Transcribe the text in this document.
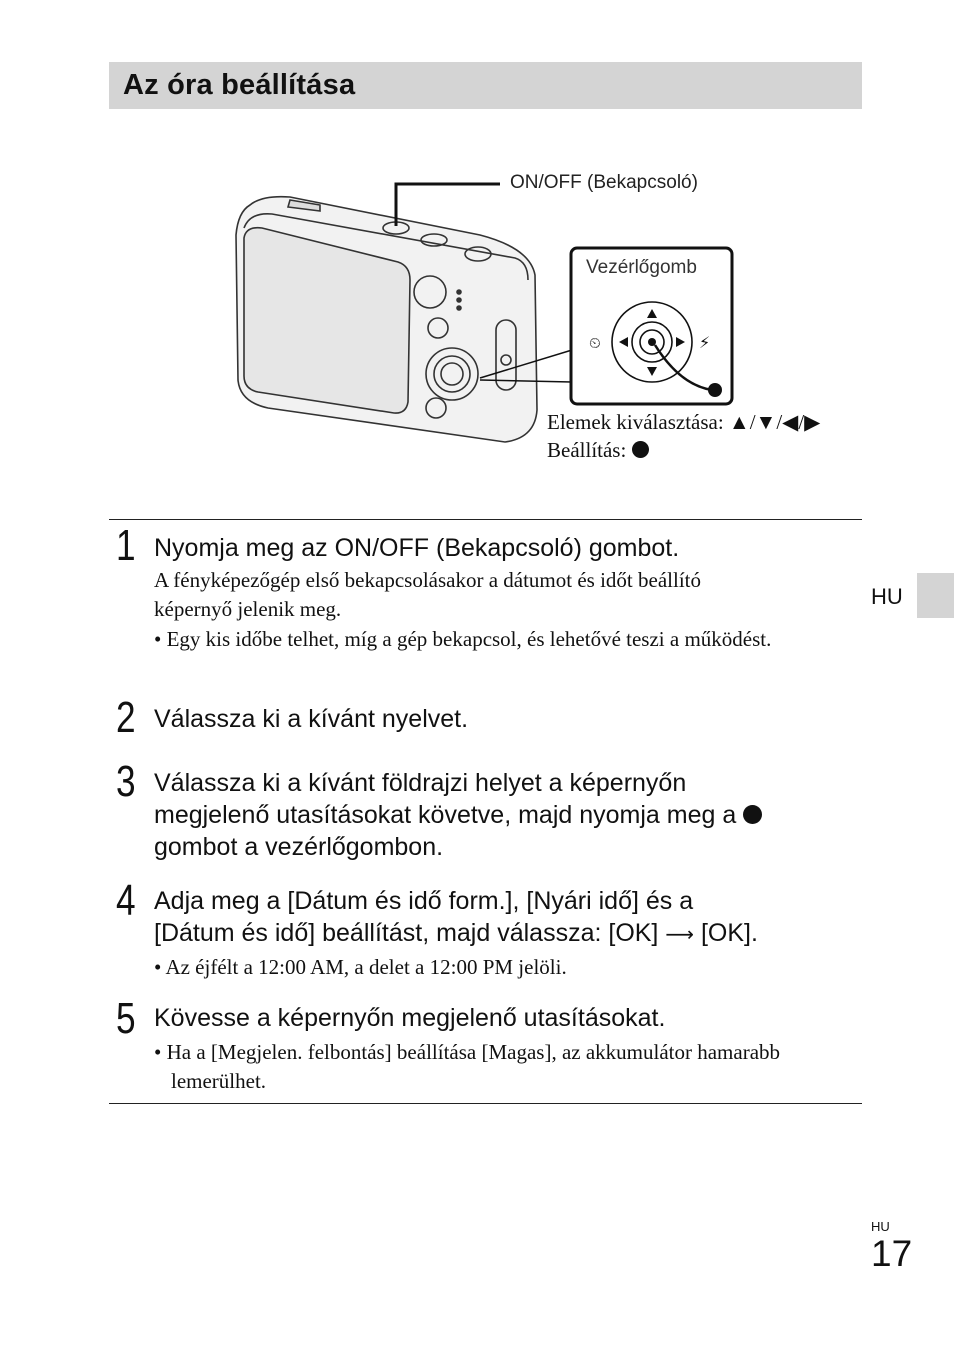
Az óra beállítása
⏲	⚡
ON/OFF (Bekapcsoló)
Vezérlőgomb
Elemek kiválasztása: ▲/▼/◀/▶
Beállítás:
1 Nyomja meg az ON/OFF (Bekapcsoló) gombot.
A fényképezőgép első bekapcsolásakor a dátumot és időt beállító
képernyő jelenik meg.
• Egy kis időbe telhet, míg a gép bekapcsol, és lehetővé teszi a működést.
2 Válassza ki a kívánt nyelvet.
3 Válassza ki a kívánt földrajzi helyet a képernyőn
megjelenő utasításokat követve, majd nyomja meg a
gombot a vezérlőgombon.
4 Adja meg a [Dátum és idő form.], [Nyári idő] és a
[Dátum és idő] beállítást, majd válassza: [OK] ⟶ [OK].
• Az éjfélt a 12:00 AM, a delet a 12:00 PM jelöli.
5 Kövesse a képernyőn megjelenő utasításokat.
• Ha a [Megjelen. felbontás] beállítása [Magas], az akkumulátor hamarabb lemerülhet.
HU
HU
17
